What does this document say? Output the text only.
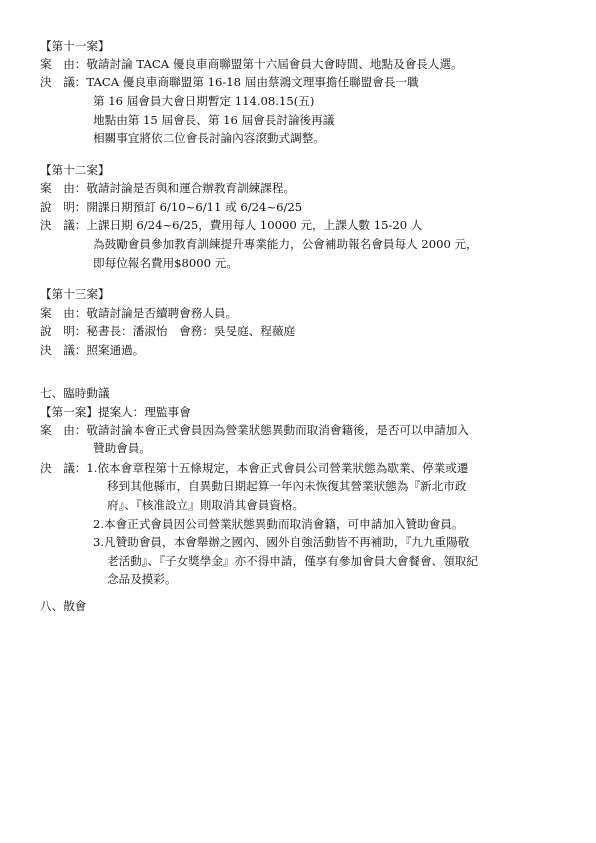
【第十一案】
案　由：敬請討論 TACA 優良車商聯盟第十六屆會員大會時間、地點及會長人選。
決　議：TACA 優良車商聯盟第 16-18 屆由蔡鴻文理事擔任聯盟會長一職
第 16 屆會員大會日期暫定 114.08.15(五)
地點由第 15 屆會長、第 16 屆會長討論後再議
相關事宜將依二位會長討論內容滾動式調整。
【第十二案】
案　由：敬請討論是否與和運合辦教育訓練課程。
說　明：開課日期預訂 6/10~6/11 或 6/24~6/25
決　議：上課日期 6/24~6/25，費用每人 10000 元，上課人數 15-20 人
為鼓勵會員參加教育訓練提升專業能力，公會補助報名會員每人 2000 元，
即每位報名費用$8000 元。
【第十三案】
案　由：敬請討論是否續聘會務人員。
說　明：秘書長：潘淑怡　會務：吳旻庭、程薇庭
決　議：照案通過。
七、臨時動議
【第一案】提案人：理監事會
案　由：敬請討論本會正式會員因為營業狀態異動而取消會籍後，是否可以申請加入
贊助會員。
決　議：1.依本會章程第十五條規定，本會正式會員公司營業狀態為歇業、停業或遷
移到其他縣市，自異動日期起算一年內未恢復其營業狀態為『新北市政
府』、『核准設立』則取消其會員資格。
2.本會正式會員因公司營業狀態異動而取消會籍，可申請加入贊助會員。
3.凡贊助會員，本會舉辦之國內、國外自強活動皆不再補助，『九九重陽敬
老活動』、『子女獎學金』亦不得申請，僅享有參加會員大會餐會、領取紀
念品及摸彩。
八、散會
